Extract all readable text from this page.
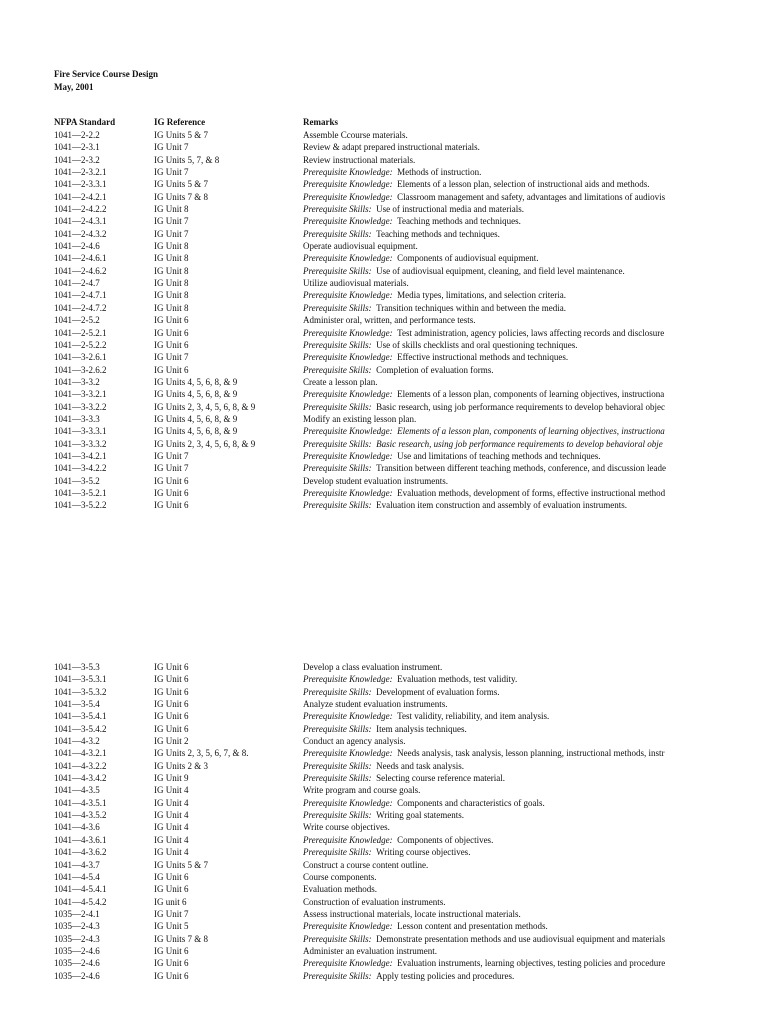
Fire Service Course Design
May, 2001
NFPA Standard	IG Reference	Remarks
1041—2-2.2	IG Units 5 & 7	Assemble Ccourse materials.
1041—2-3.1	IG Unit 7	Review & adapt prepared instructional materials.
1041—2-3.2	IG Units 5, 7, & 8	Review instructional materials.
1041—2-3.2.1	IG Unit 7	Prerequisite Knowledge: Methods of instruction.
1041—2-3.3.1	IG Units 5 & 7	Prerequisite Knowledge: Elements of a lesson plan, selection of instructional aids and methods.
1041—2-4.2.1	IG Units 7 & 8	Prerequisite Knowledge: Classroom management and safety, advantages and limitations of audiovis
1041—2-4.2.2	IG Unit 8	Prerequisite Skills: Use of instructional media and materials.
1041—2-4.3.1	IG Unit 7	Prerequisite Knowledge: Teaching methods and techniques.
1041—2-4.3.2	IG Unit 7	Prerequisite Skills: Teaching methods and techniques.
1041—2-4.6	IG Unit 8	Operate audiovisual equipment.
1041—2-4.6.1	IG Unit 8	Prerequisite Knowledge: Components of audiovisual equipment.
1041—2-4.6.2	IG Unit 8	Prerequisite Skills: Use of audiovisual equipment, cleaning, and field level maintenance.
1041—2-4.7	IG Unit 8	Utilize audiovisual materials.
1041—2-4.7.1	IG Unit 8	Prerequisite Knowledge: Media types, limitations, and selection criteria.
1041—2-4.7.2	IG Unit 8	Prerequisite Skills: Transition techniques within and between the media.
1041—2-5.2	IG Unit 6	Administer oral, written, and performance tests.
1041—2-5.2.1	IG Unit 6	Prerequisite Knowledge: Test administration, agency policies, laws affecting records and disclosure
1041—2-5.2.2	IG Unit 6	Prerequisite Skills: Use of skills checklists and oral questioning techniques.
1041—3-2.6.1	IG Unit 7	Prerequisite Knowledge: Effective instructional methods and techniques.
1041—3-2.6.2	IG Unit 6	Prerequisite Skills: Completion of evaluation forms.
1041—3-3.2	IG Units 4, 5, 6, 8, & 9	Create a lesson plan.
1041—3-3.2.1	IG Units 4, 5, 6, 8, & 9	Prerequisite Knowledge: Elements of a lesson plan, components of learning objectives, instructiona
1041—3-3.2.2	IG Units 2, 3, 4, 5, 6, 8, & 9	Prerequisite Skills: Basic research, using job performance requirements to develop behavioral objec
1041—3-3.3	IG Units 4, 5, 6, 8, & 9	Modify an existing lesson plan.
1041—3-3.3.1	IG Units 4, 5, 6, 8, & 9	Prerequisite Knowledge: Elements of a lesson plan, components of learning objectives, instructiona
1041—3-3.3.2	IG Units 2, 3, 4, 5, 6, 8, & 9	Prerequisite Skills: Basic research, using job performance requirements to develop behavioral obje
1041—3-4.2.1	IG Unit 7	Prerequisite Knowledge: Use and limitations of teaching methods and techniques.
1041—3-4.2.2	IG Unit 7	Prerequisite Skills: Transition between different teaching methods, conference, and discussion leade
1041—3-5.2	IG Unit 6	Develop student evaluation instruments.
1041—3-5.2.1	IG Unit 6	Prerequisite Knowledge: Evaluation methods, development of forms, effective instructional method
1041—3-5.2.2	IG Unit 6	Prerequisite Skills: Evaluation item construction and assembly of evaluation instruments.
1041—3-5.3	IG Unit 6	Develop a class evaluation instrument.
1041—3-5.3.1	IG Unit 6	Prerequisite Knowledge: Evaluation methods, test validity.
1041—3-5.3.2	IG Unit 6	Prerequisite Skills: Development of evaluation forms.
1041—3-5.4	IG Unit 6	Analyze student evaluation instruments.
1041—3-5.4.1	IG Unit 6	Prerequisite Knowledge: Test validity, reliability, and item analysis.
1041—3-5.4.2	IG Unit 6	Prerequisite Skills: Item analysis techniques.
1041—4-3.2	IG Unit 2	Conduct an agency analysis.
1041—4-3.2.1	IG Units 2, 3, 5, 6, 7, & 8.	Prerequisite Knowledge: Needs analysis, task analysis, lesson planning, instructional methods, instr
1041—4-3.2.2	IG Units 2 & 3	Prerequisite Skills: Needs and task analysis.
1041—4-3.4.2	IG Unit 9	Prerequisite Skills: Selecting course reference material.
1041—4-3.5	IG Unit 4	Write program and course goals.
1041—4-3.5.1	IG Unit 4	Prerequisite Knowledge: Components and characteristics of goals.
1041—4-3.5.2	IG Unit 4	Prerequisite Skills: Writing goal statements.
1041—4-3.6	IG Unit 4	Write course objectives.
1041—4-3.6.1	IG Unit 4	Prerequisite Knowledge: Components of objectives.
1041—4-3.6.2	IG Unit 4	Prerequisite Skills: Writing course objectives.
1041—4-3.7	IG Units 5 & 7	Construct a course content outline.
1041—4-5.4	IG Unit 6	Course components.
1041—4-5.4.1	IG Unit 6	Evaluation methods.
1041—4-5.4.2	IG unit 6	Construction of evaluation instruments.
1035—2-4.1	IG Unit 7	Assess instructional materials, locate instructional materials.
1035—2-4.3	IG Unit 5	Prerequisite Knowledge: Lesson content and presentation methods.
1035—2-4.3	IG Units 7 & 8	Prerequisite Skills: Demonstrate presentation methods and use audiovisual equipment and materials
1035—2-4.6	IG Unit 6	Administer an evaluation instrument.
1035—2-4.6	IG Unit 6	Prerequisite Knowledge: Evaluation instruments, learning objectives, testing policies and procedure
1035—2-4.6	IG Unit 6	Prerequisite Skills: Apply testing policies and procedures.
